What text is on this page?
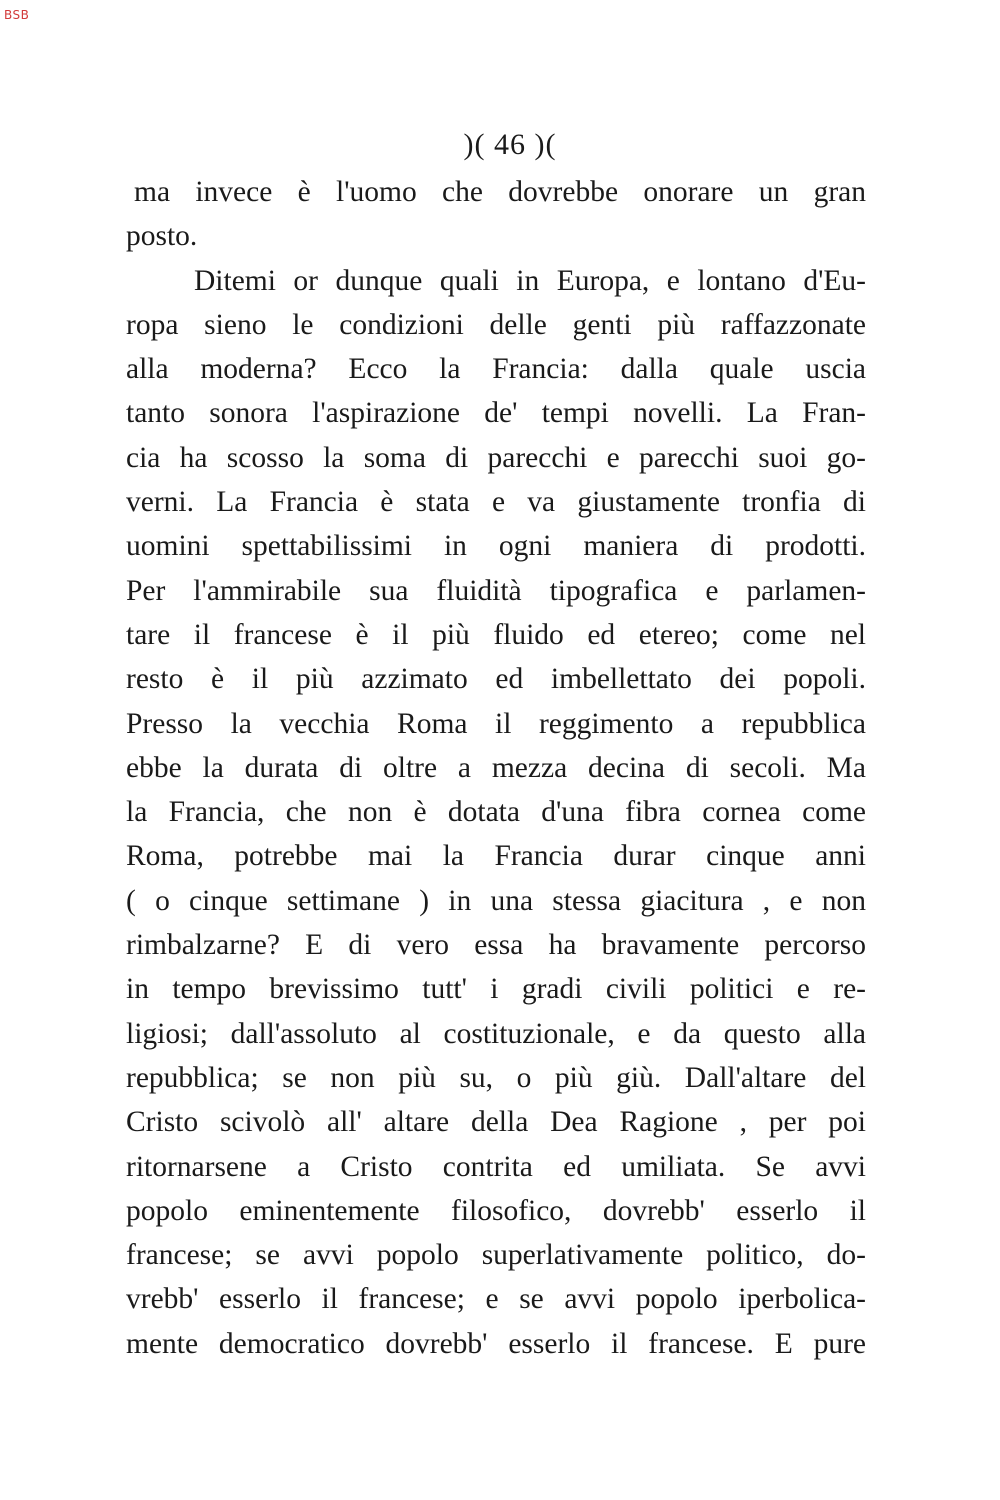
BSB
)( 46 )(
ma invece è l'uomo che dovrebbe onorare un gran
posto.
Ditemi or dunque quali in Europa, e lontano d'Eu-
ropa sieno le condizioni delle genti più raffazzonate
alla moderna? Ecco la Francia: dalla quale uscia
tanto sonora l'aspirazione de' tempi novelli. La Fran-
cia ha scosso la soma di parecchi e parecchi suoi go-
verni. La Francia è stata e va giustamente tronfia di
uomini spettabilissimi in ogni maniera di prodotti.
Per l'ammirabile sua fluidità tipografica e parlamen-
tare il francese è il più fluido ed etereo; come nel
resto è il più azzimato ed imbellettato dei popoli.
Presso la vecchia Roma il reggimento a repubblica
ebbe la durata di oltre a mezza decina di secoli. Ma
la Francia, che non è dotata d'una fibra cornea come
Roma, potrebbe mai la Francia durar cinque anni
( o cinque settimane ) in una stessa giacitura , e non
rimbalzarne? E di vero essa ha bravamente percorso
in tempo brevissimo tutt' i gradi civili politici e re-
ligiosi; dall'assoluto al costituzionale, e da questo alla
repubblica; se non più su, o più giù. Dall'altare del
Cristo scivolò all' altare della Dea Ragione , per poi
ritornarsene a Cristo contrita ed umiliata. Se avvi
popolo eminentemente filosofico, dovrebb' esserlo il
francese; se avvi popolo superlativamente politico, do-
vrebb' esserlo il francese; e se avvi popolo iperbolica-
mente democratico dovrebb' esserlo il francese. E pure
